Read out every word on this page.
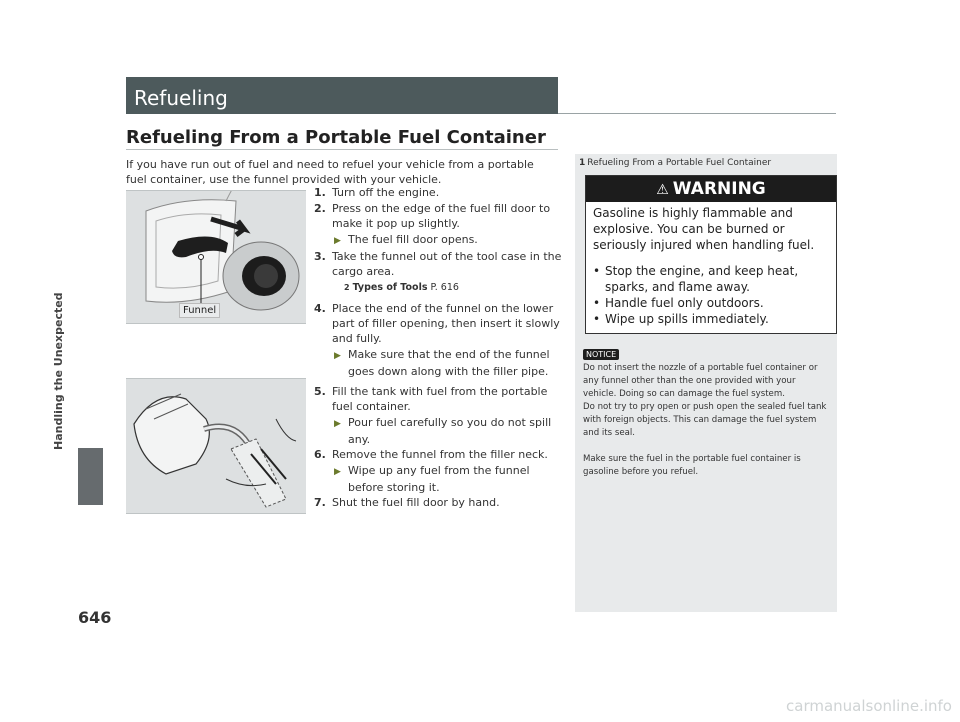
Handling the Unexpected
646
Refueling
Refueling From a Portable Fuel Container
If you have run out of fuel and need to refuel your vehicle from a portable fuel container, use the funnel provided with your vehicle.
1. Turn off the engine.
2. Press on the edge of the fuel fill door to make it pop up slightly.
▶ The fuel fill door opens.
3. Take the funnel out of the tool case in the cargo area.
2 Types of Tools P. 616
4. Place the end of the funnel on the lower part of filler opening, then insert it slowly and fully.
▶ Make sure that the end of the funnel goes down along with the filler pipe.
5. Fill the tank with fuel from the portable fuel container.
▶ Pour fuel carefully so you do not spill any.
6. Remove the funnel from the filler neck.
▶ Wipe up any fuel from the funnel before storing it.
7. Shut the fuel fill door by hand.
Funnel
1 Refueling From a Portable Fuel Container
⚠ WARNING
Gasoline is highly flammable and explosive. You can be burned or seriously injured when handling fuel.
• Stop the engine, and keep heat, sparks, and flame away.
• Handle fuel only outdoors.
• Wipe up spills immediately.
NOTICE

Do not insert the nozzle of a portable fuel container or any funnel other than the one provided with your vehicle. Doing so can damage the fuel system.

Do not try to pry open or push open the sealed fuel tank with foreign objects. This can damage the fuel system and its seal.

Make sure the fuel in the portable fuel container is gasoline before you refuel.

carmanualsonline.info
